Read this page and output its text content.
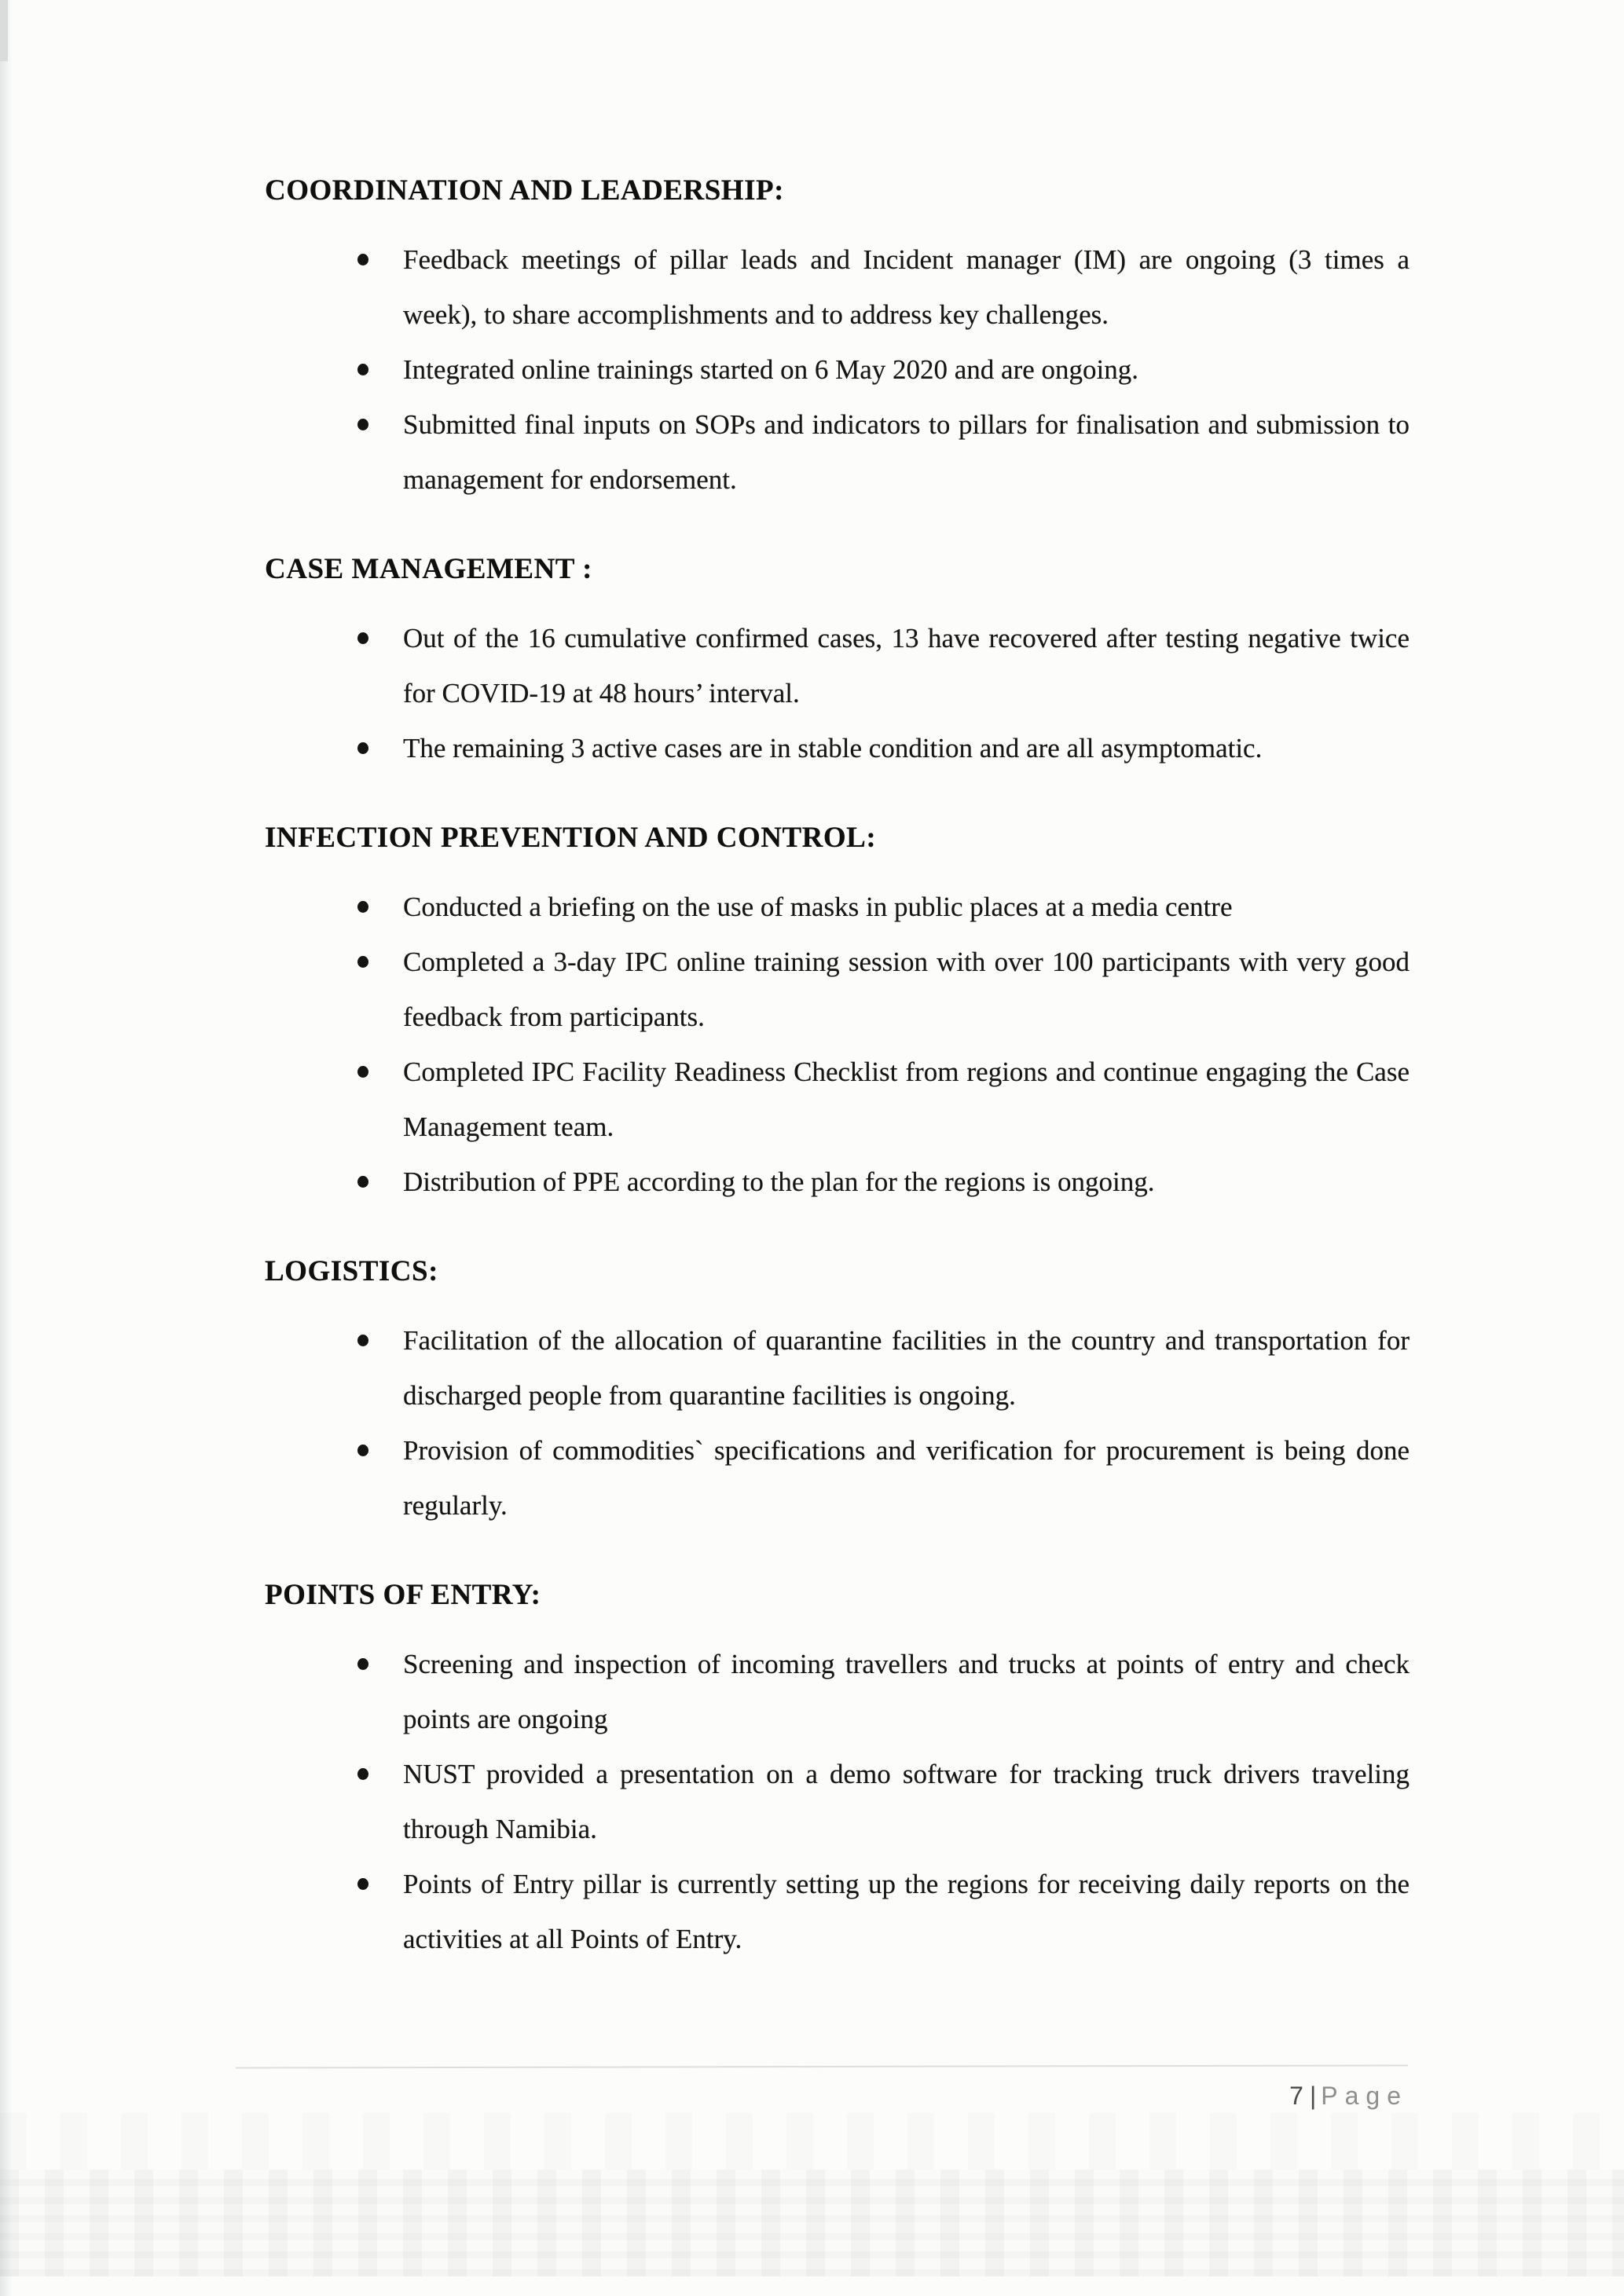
COORDINATION AND LEADERSHIP:

Feedback meetings of pillar leads and Incident manager (IM) are ongoing (3 times a week), to share accomplishments and to address key challenges.

Integrated online trainings started on 6 May 2020 and are ongoing.

Submitted final inputs on SOPs and indicators to pillars for finalisation and submission to management for endorsement.

CASE MANAGEMENT :

Out of the 16 cumulative confirmed cases, 13 have recovered after testing negative twice for COVID-19 at 48 hours’ interval.

The remaining 3 active cases are in stable condition and are all asymptomatic.

INFECTION PREVENTION AND CONTROL:

Conducted a briefing on the use of masks in public places at a media centre

Completed a 3-day IPC online training session with over 100 participants with very good feedback from participants.

Completed IPC Facility Readiness Checklist from regions and continue engaging the Case Management team.

Distribution of PPE according to the plan for the regions is ongoing.

LOGISTICS:

Facilitation of the allocation of quarantine facilities in the country and transportation for discharged people from quarantine facilities is ongoing.

Provision of commodities` specifications and verification for procurement is being done regularly.

POINTS OF ENTRY:

Screening and inspection of incoming travellers and trucks at points of entry and check points are ongoing

NUST provided a presentation on a demo software for tracking truck drivers traveling through Namibia.

Points of Entry pillar is currently setting up the regions for receiving daily reports on the activities at all Points of Entry.

7 | Page
